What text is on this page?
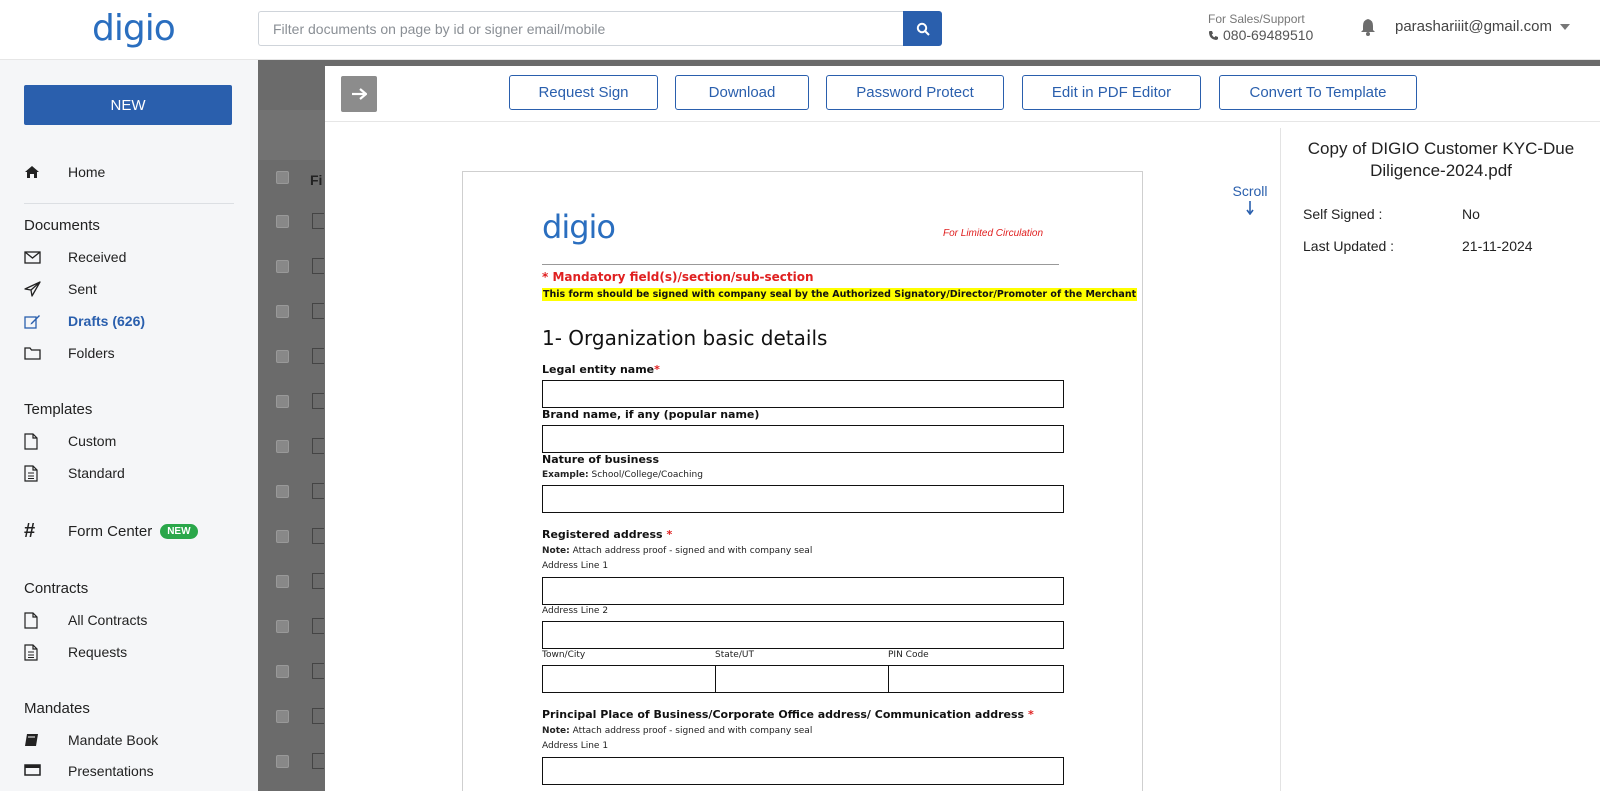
digio
Filter documents on page by id or signer email/mobile	For Sales/Support
080-69489510	parashariiit@gmail.com
NEW
Home
Documents
Received
Sent
Drafts (626)
Folders
Templates
Custom
Standard
#	Form Center	NEW
Contracts
All Contracts
Requests
Mandates
Mandate Book
Presentations
Fi
Request Sign	Download	Password Protect	Edit in PDF Editor	Convert To Template
digio	For Limited Circulation
* Mandatory field(s)/section/sub-section
This form should be signed with company seal by the Authorized Signatory/Director/Promoter of the Merchant
1- Organization basic details
Legal entity name*
Brand name, if any (popular name)
Nature of business
Example: School/College/Coaching
Registered address *
Note: Attach address proof - signed and with company seal
Address Line 1
Address Line 2
Town/City	State/UT	PIN Code
Principal Place of Business/Corporate Office address/ Communication address *
Note: Attach address proof - signed and with company seal
Address Line 1
Scroll
Copy of DIGIO Customer KYC-Due Diligence-2024.pdf
Self Signed :	No
Last Updated :	21-11-2024
